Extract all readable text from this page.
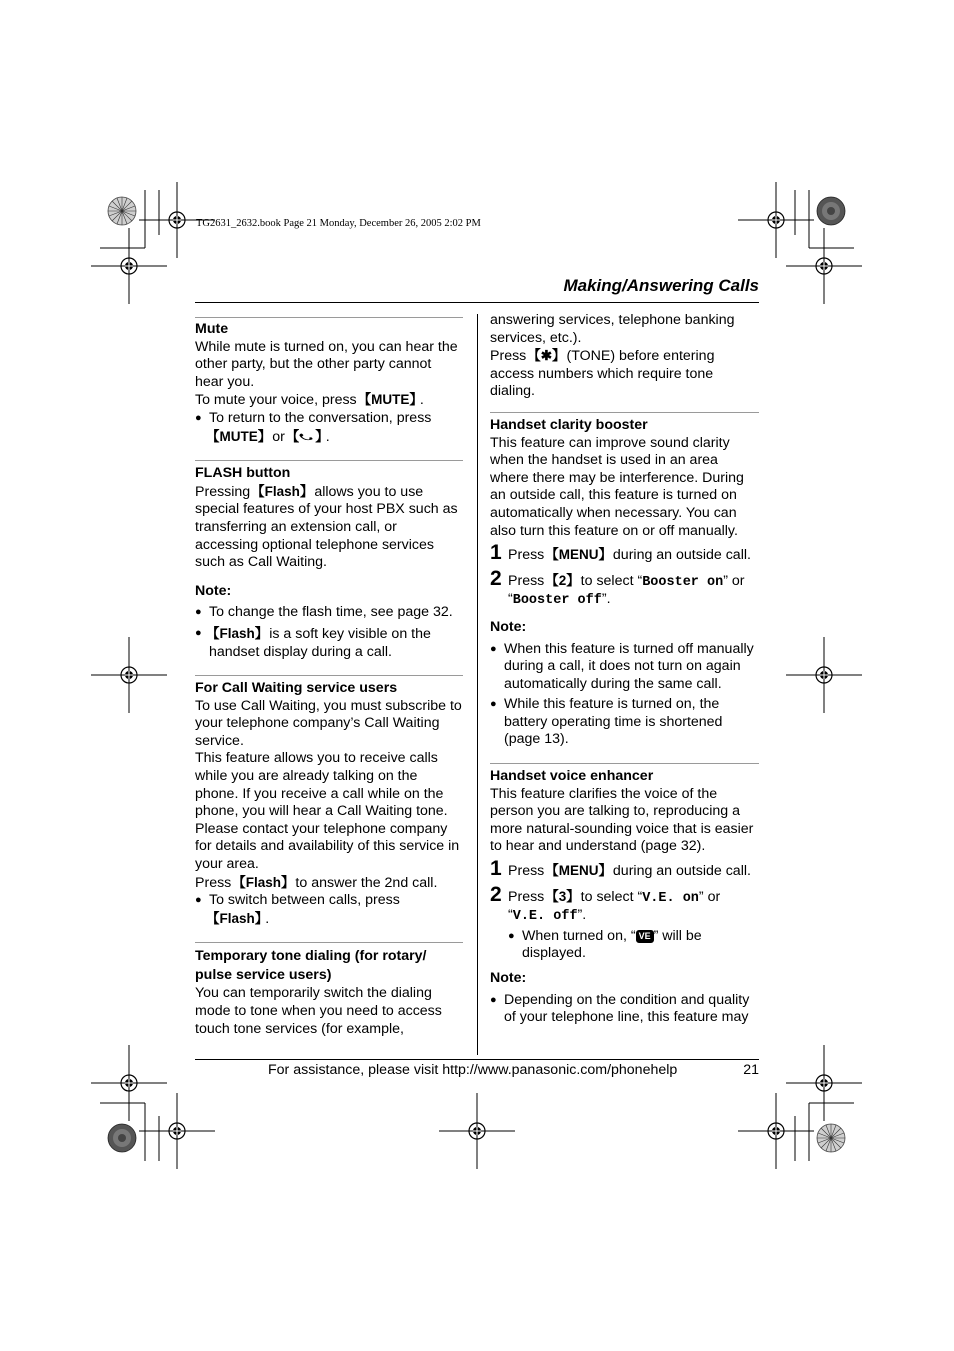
TG2631_2632.book Page 21 Monday, December 26, 2005 2:02 PM
Making/Answering Calls

Mute

While mute is turned on, you can hear the other party, but the other party cannot hear you.

To mute your voice, press 【 MUTE 】 .

● To return to the conversation, press 【 MUTE 】 or 【  】	.

FLASH button

Pressing 【 Flash 】 allows you to use special features of your host PBX such as transferring an extension call, or accessing optional telephone services such as Call Waiting.

Note:

● To change the flash time, see page 32.
●	【 Flash 】 is a soft key visible on the handset display during a call.

For Call Waiting service users

To use Call Waiting, you must subscribe to your telephone company’s Call Waiting service.

This feature allows you to receive calls while you are already talking on the phone. If you receive a call while on the phone, you will hear a Call Waiting tone. Please contact your telephone company for details and availability of this service in your area.

Press 【 Flash 】 to answer the 2nd call.

● To switch between calls, press 【 Flash 】 .

Temporary tone dialing (for rotary/ pulse service users)

You can temporarily switch the dialing mode to tone when you need to access touch tone services (for example,

answering services, telephone banking services, etc.).

Press 【 ✱ 】 (TONE) before entering access numbers which require tone dialing.

Handset clarity booster

This feature can improve sound clarity when the handset is used in an area where there may be interference. During an outside call, this feature is turned on automatically when necessary. You can also turn this feature on or off manually.

1 Press 【 MENU 】 during an outside call.
2 Press 【 2 】 to select “Booster on” or “Booster off”.

Note:

● When this feature is turned off manually during a call, it does not turn on again automatically during the same call.
● While this feature is turned on, the battery operating time is shortened (page 13).

Handset voice enhancer

This feature clarifies the voice of the person you are talking to, reproducing a more natural-sounding voice that is easier to hear and understand (page 32).

1 Press 【 MENU 】 during an outside call.
2 Press 【 3 】 to select “V.E. on” or “V.E. off”.
● When turned on, “ VE ” will be displayed.

Note:

● Depending on the condition and quality of your telephone line, this feature may
For assistance, please visit http://www.panasonic.com/phonehelp	21
